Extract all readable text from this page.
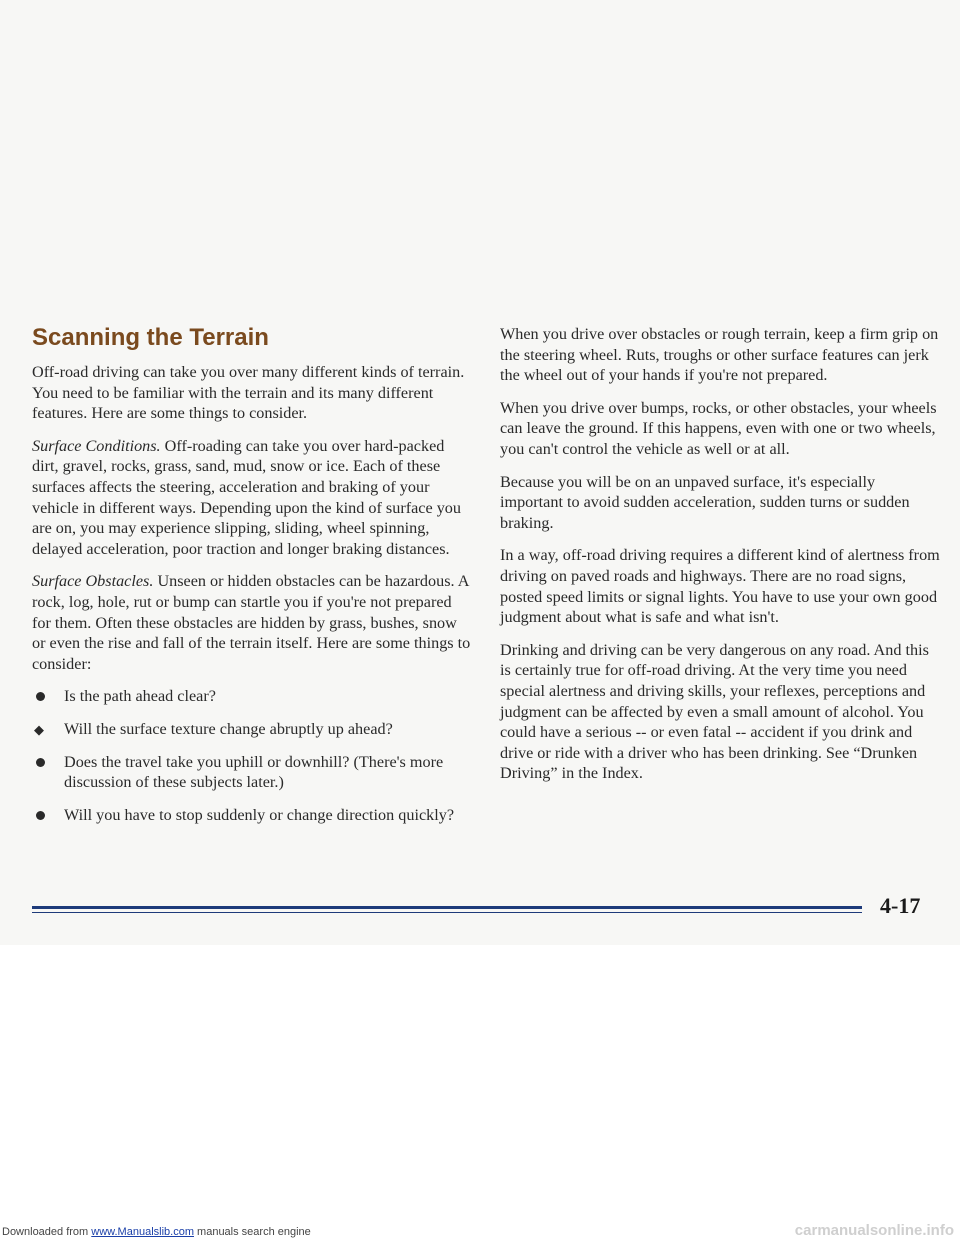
Scanning the Terrain

Off-road driving can take you over many different kinds of terrain. You need to be familiar with the terrain and its many different features. Here are some things to consider.

Surface Conditions. Off-roading can take you over hard-packed dirt, gravel, rocks, grass, sand, mud, snow or ice. Each of these surfaces affects the steering, acceleration and braking of your vehicle in different ways. Depending upon the kind of surface you are on, you may experience slipping, sliding, wheel spinning, delayed acceleration, poor traction and longer braking distances.

Surface Obstacles. Unseen or hidden obstacles can be hazardous. A rock, log, hole, rut or bump can startle you if you're not prepared for them. Often these obstacles are hidden by grass, bushes, snow or even the rise and fall of the terrain itself. Here are some things to consider:

Is the path ahead clear?
◆ Will the surface texture change abruptly up ahead?
Does the travel take you uphill or downhill? (There's more discussion of these subjects later.)
Will you have to stop suddenly or change direction quickly?

When you drive over obstacles or rough terrain, keep a firm grip on the steering wheel. Ruts, troughs or other surface features can jerk the wheel out of your hands if you're not prepared.

When you drive over bumps, rocks, or other obstacles, your wheels can leave the ground. If this happens, even with one or two wheels, you can't control the vehicle as well or at all.

Because you will be on an unpaved surface, it's especially important to avoid sudden acceleration, sudden turns or sudden braking.

In a way, off-road driving requires a different kind of alertness from driving on paved roads and highways. There are no road signs, posted speed limits or signal lights. You have to use your own good judgment about what is safe and what isn't.

Drinking and driving can be very dangerous on any road. And this is certainly true for off-road driving. At the very time you need special alertness and driving skills, your reflexes, perceptions and judgment can be affected by even a small amount of alcohol. You could have a serious -- or even fatal -- accident if you drink and drive or ride with a driver who has been drinking. See “Drunken Driving” in the Index.

4-17
Downloaded from www.Manualslib.com manuals search engine	carmanualsonline.info
